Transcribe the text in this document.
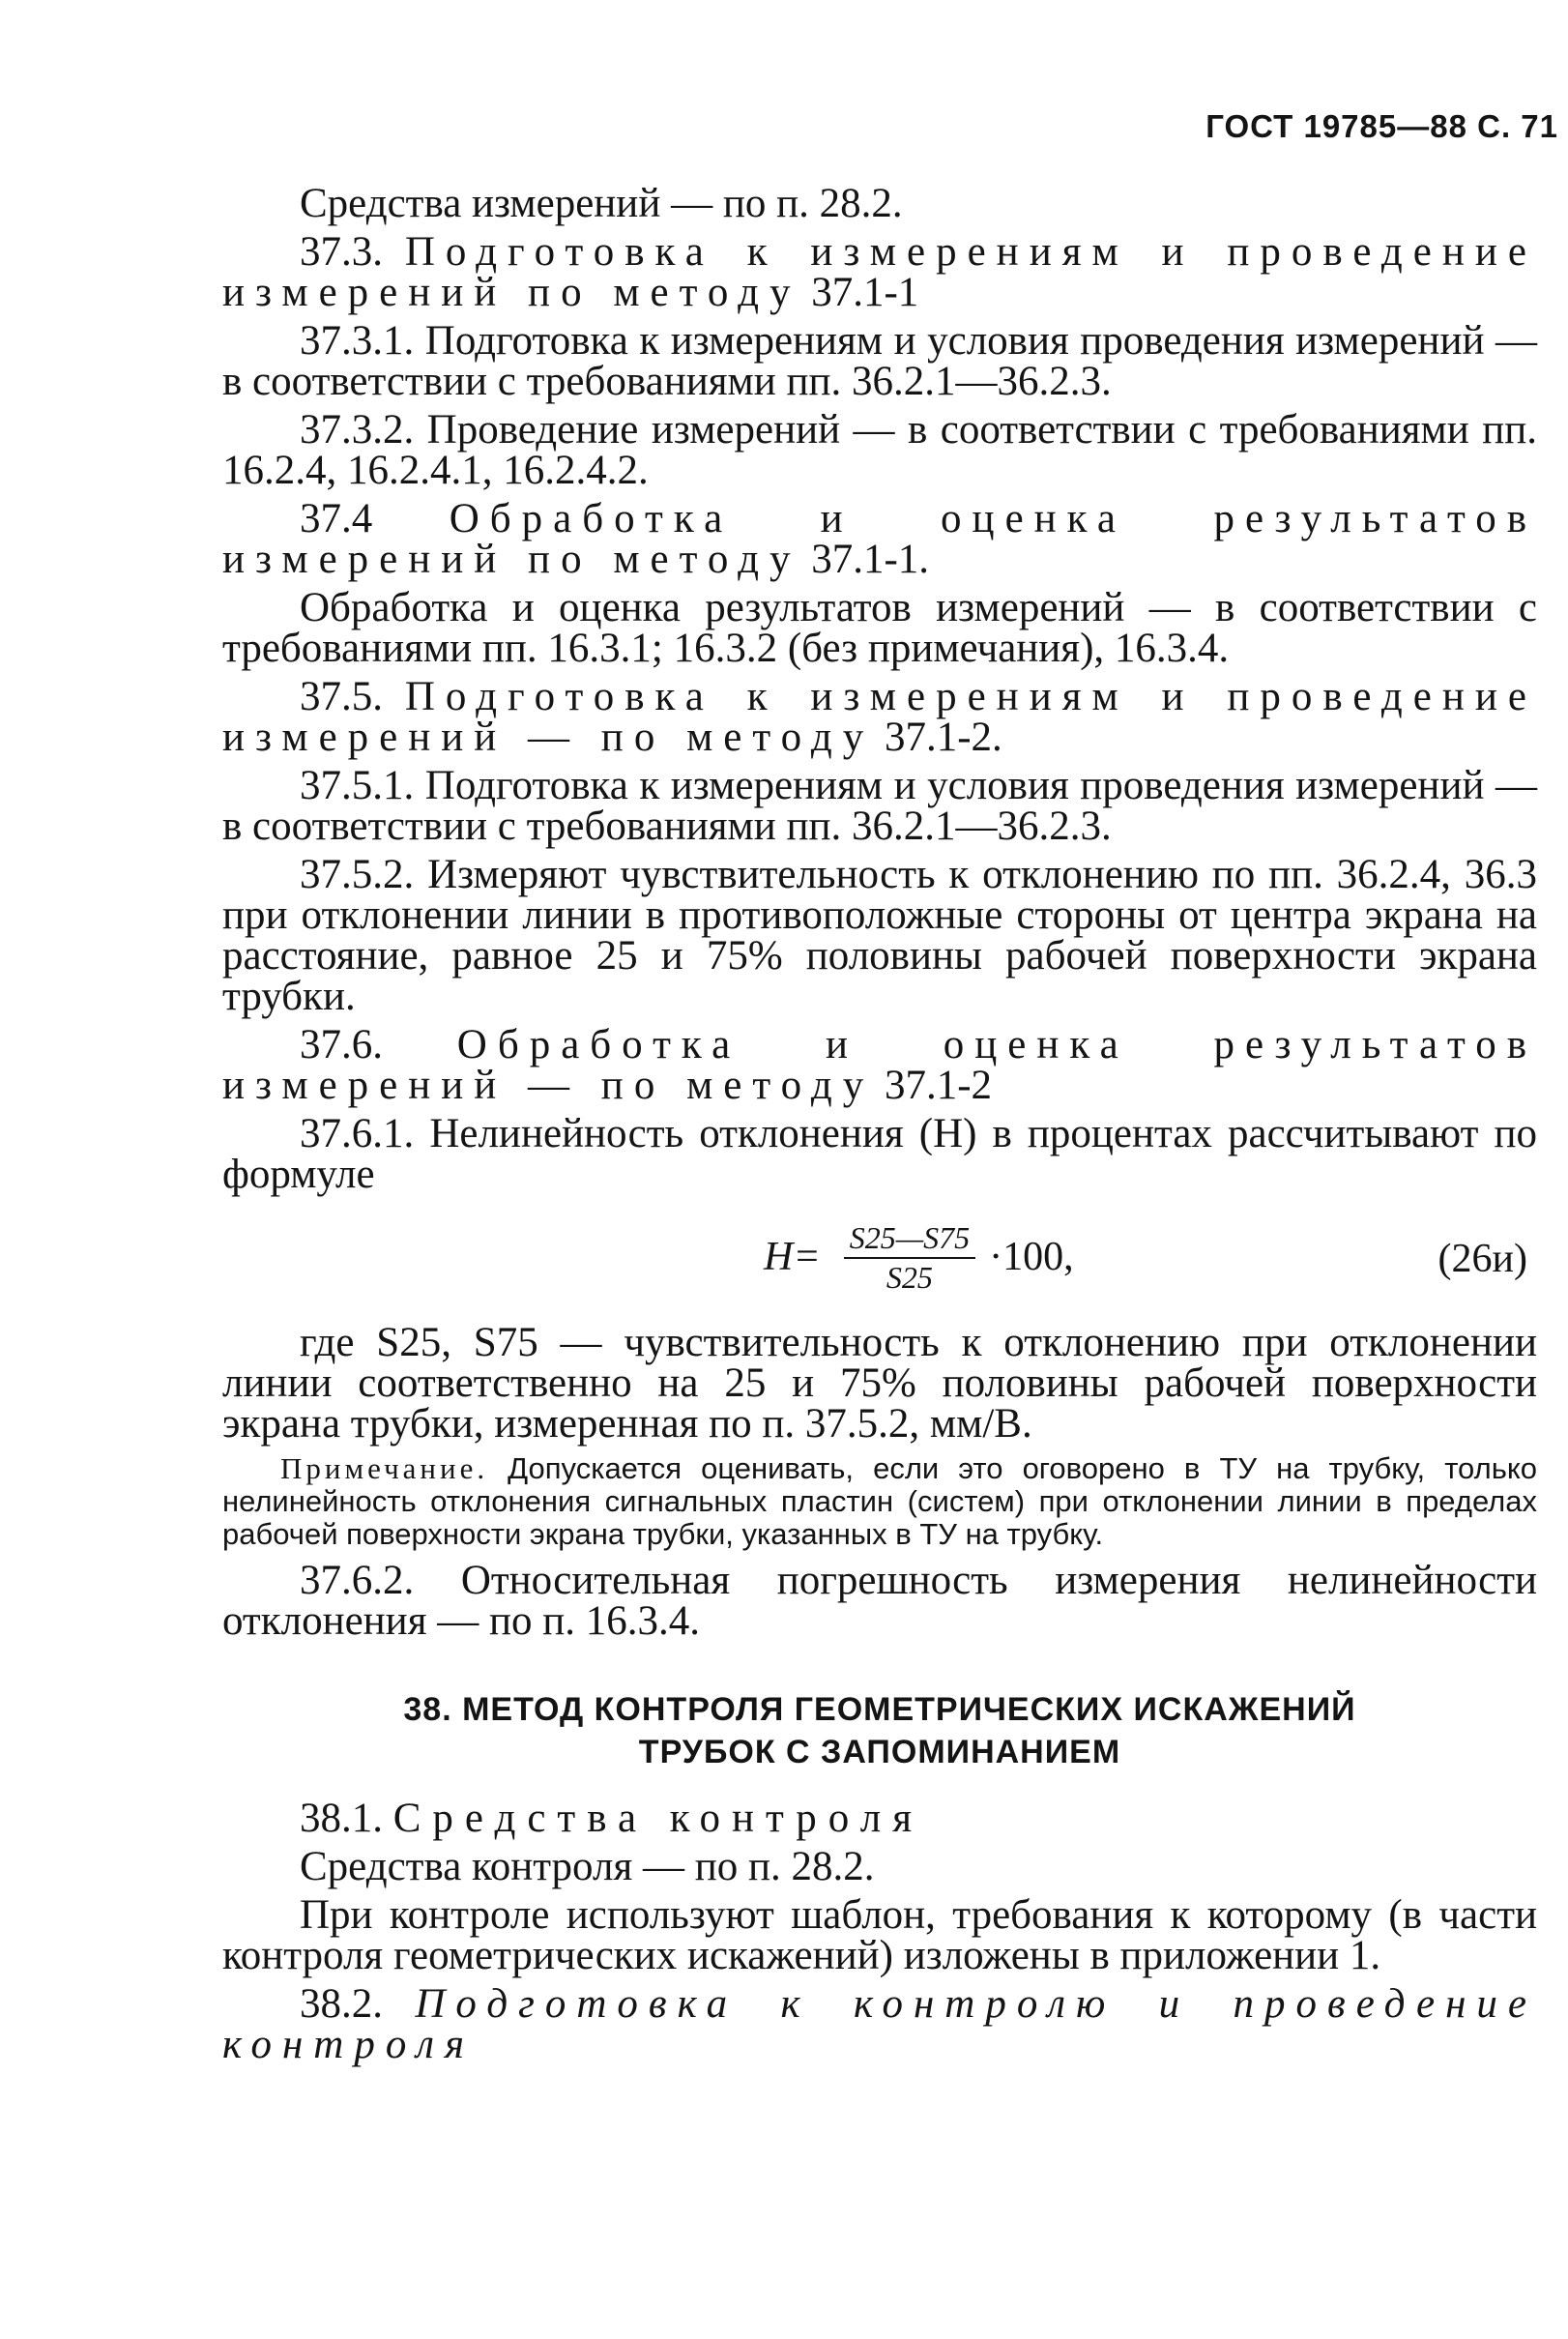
ГОСТ 19785—88 С. 71

Средства измерений — по п. 28.2.

37.3. Подготовка к измерениям и проведение измерений по методу 37.1-1

37.3.1. Подготовка к измерениям и условия проведения измерений — в соответствии с требованиями пп. 36.2.1—36.2.3.

37.3.2. Проведение измерений — в соответствии с требованиями пп. 16.2.4, 16.2.4.1, 16.2.4.2.

37.4 Обработка и оценка результатов измерений по методу 37.1-1.

Обработка и оценка результатов измерений — в соответствии с требованиями пп. 16.3.1; 16.3.2 (без примечания), 16.3.4.

37.5. Подготовка к измерениям и проведение измерений — по методу 37.1-2.

37.5.1. Подготовка к измерениям и условия проведения измерений — в соответствии с требованиями пп. 36.2.1—36.2.3.

37.5.2. Измеряют чувствительность к отклонению по пп. 36.2.4, 36.3 при отклонении линии в противоположные стороны от центра экрана на расстояние, равное 25 и 75% половины рабочей поверхности экрана трубки.

37.6. Обработка и оценка результатов измерений — по методу 37.1-2

37.6.1. Нелинейность отклонения (H) в процентах рассчитывают по формуле

$H= \frac{S25—S75}{S25} \cdot 100$,	(26и)

где S25, S75 — чувствительность к отклонению при отклонении линии соответственно на 25 и 75% половины рабочей поверхности экрана трубки, измеренная по п. 37.5.2, мм/В.

Примечание. Допускается оценивать, если это оговорено в ТУ на трубку, только нелинейность отклонения сигнальных пластин (систем) при отклонении линии в пределах рабочей поверхности экрана трубки, указанных в ТУ на трубку.

37.6.2. Относительная погрешность измерения нелинейности отклонения — по п. 16.3.4.

38. МЕТОД КОНТРОЛЯ ГЕОМЕТРИЧЕСКИХ ИСКАЖЕНИЙ
ТРУБОК С ЗАПОМИНАНИЕМ

38.1. Средства контроля

Средства контроля — по п. 28.2.

При контроле используют шаблон, требования к которому (в части контроля геометрических искажений) изложены в приложении 1.

38.2. Подготовка к контролю и проведение контроля
